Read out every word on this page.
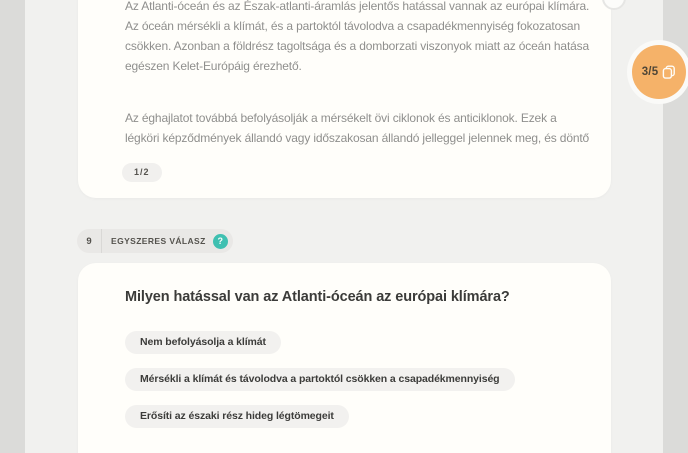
Az Atlanti-óceán és az Észak-atlanti-áramlás jelentős hatással vannak az európai klímára.
Az óceán mérsékli a klímát, és a partoktól távolodva a csapadékmennyiség fokozatosan
csökken. Azonban a földrész tagoltsága és a domborzati viszonyok miatt az óceán hatása
egészen Kelet-Európáig érezhető.

Az éghajlatot továbbá befolyásolják a mérsékelt övi ciklonok és anticiklonok. Ezek a
légköri képződmények állandó vagy időszakosan állandó jelleggel jelennek meg, és döntő

1/2
3/5
9	EGYSZERES VÁLASZ	?
Milyen hatással van az Atlanti-óceán az európai klímára?
Nem befolyásolja a klímát
Mérsékli a klímát és távolodva a partoktól csökken a csapadékmennyiség
Erősíti az északi rész hideg légtömegeit
